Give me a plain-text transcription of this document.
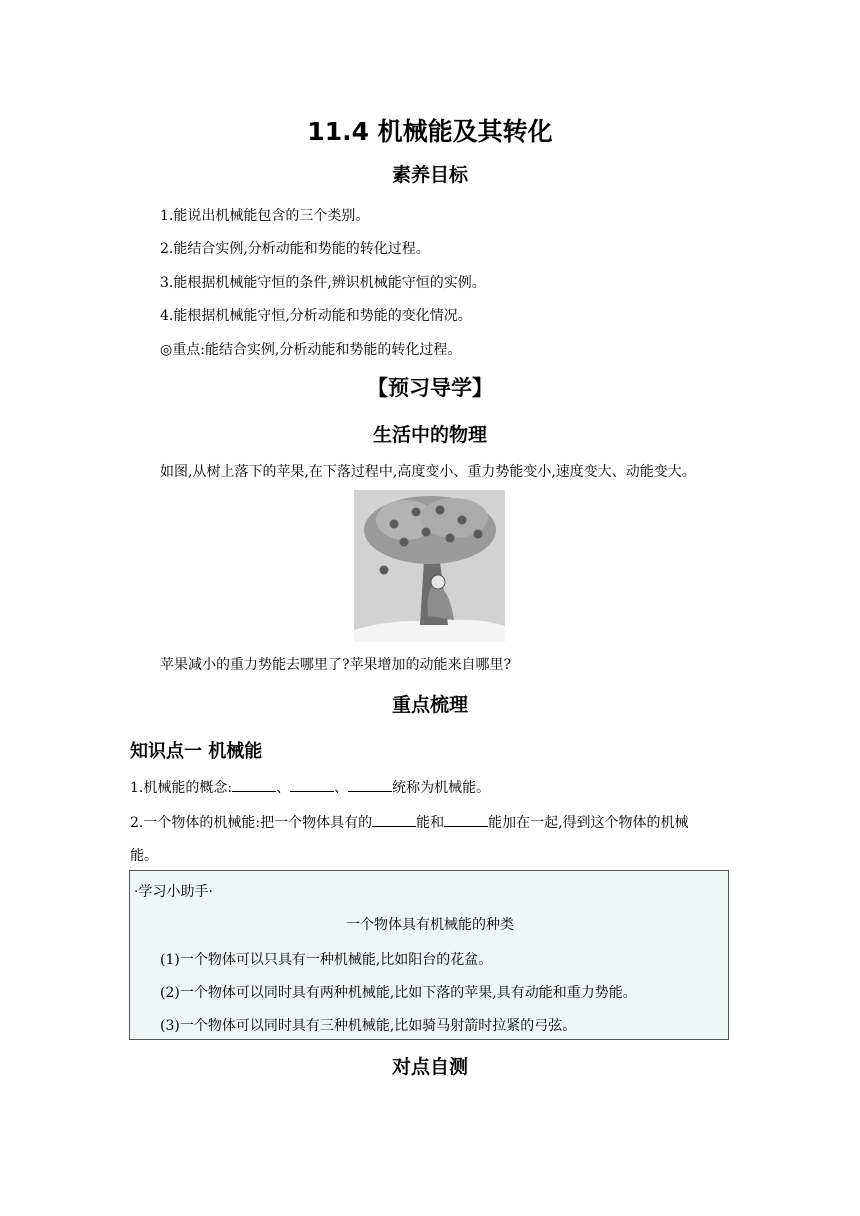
11.4 机械能及其转化
素养目标
1.能说出机械能包含的三个类别。
2.能结合实例,分析动能和势能的转化过程。
3.能根据机械能守恒的条件,辨识机械能守恒的实例。
4.能根据机械能守恒,分析动能和势能的变化情况。
◎重点:能结合实例,分析动能和势能的转化过程。
【预习导学】
生活中的物理
如图,从树上落下的苹果,在下落过程中,高度变小、重力势能变小,速度变大、动能变大。
苹果减小的重力势能去哪里了?苹果增加的动能来自哪里?
重点梳理
知识点一 机械能
1.机械能的概念:	、	、	统称为机械能。
2.一个物体的机械能:把一个物体具有的	能和	能加在一起,得到这个物体的机械
能。
·学习小助手·
一个物体具有机械能的种类
(1)一个物体可以只具有一种机械能,比如阳台的花盆。
(2)一个物体可以同时具有两种机械能,比如下落的苹果,具有动能和重力势能。
(3)一个物体可以同时具有三种机械能,比如骑马射箭时拉紧的弓弦。
对点自测
